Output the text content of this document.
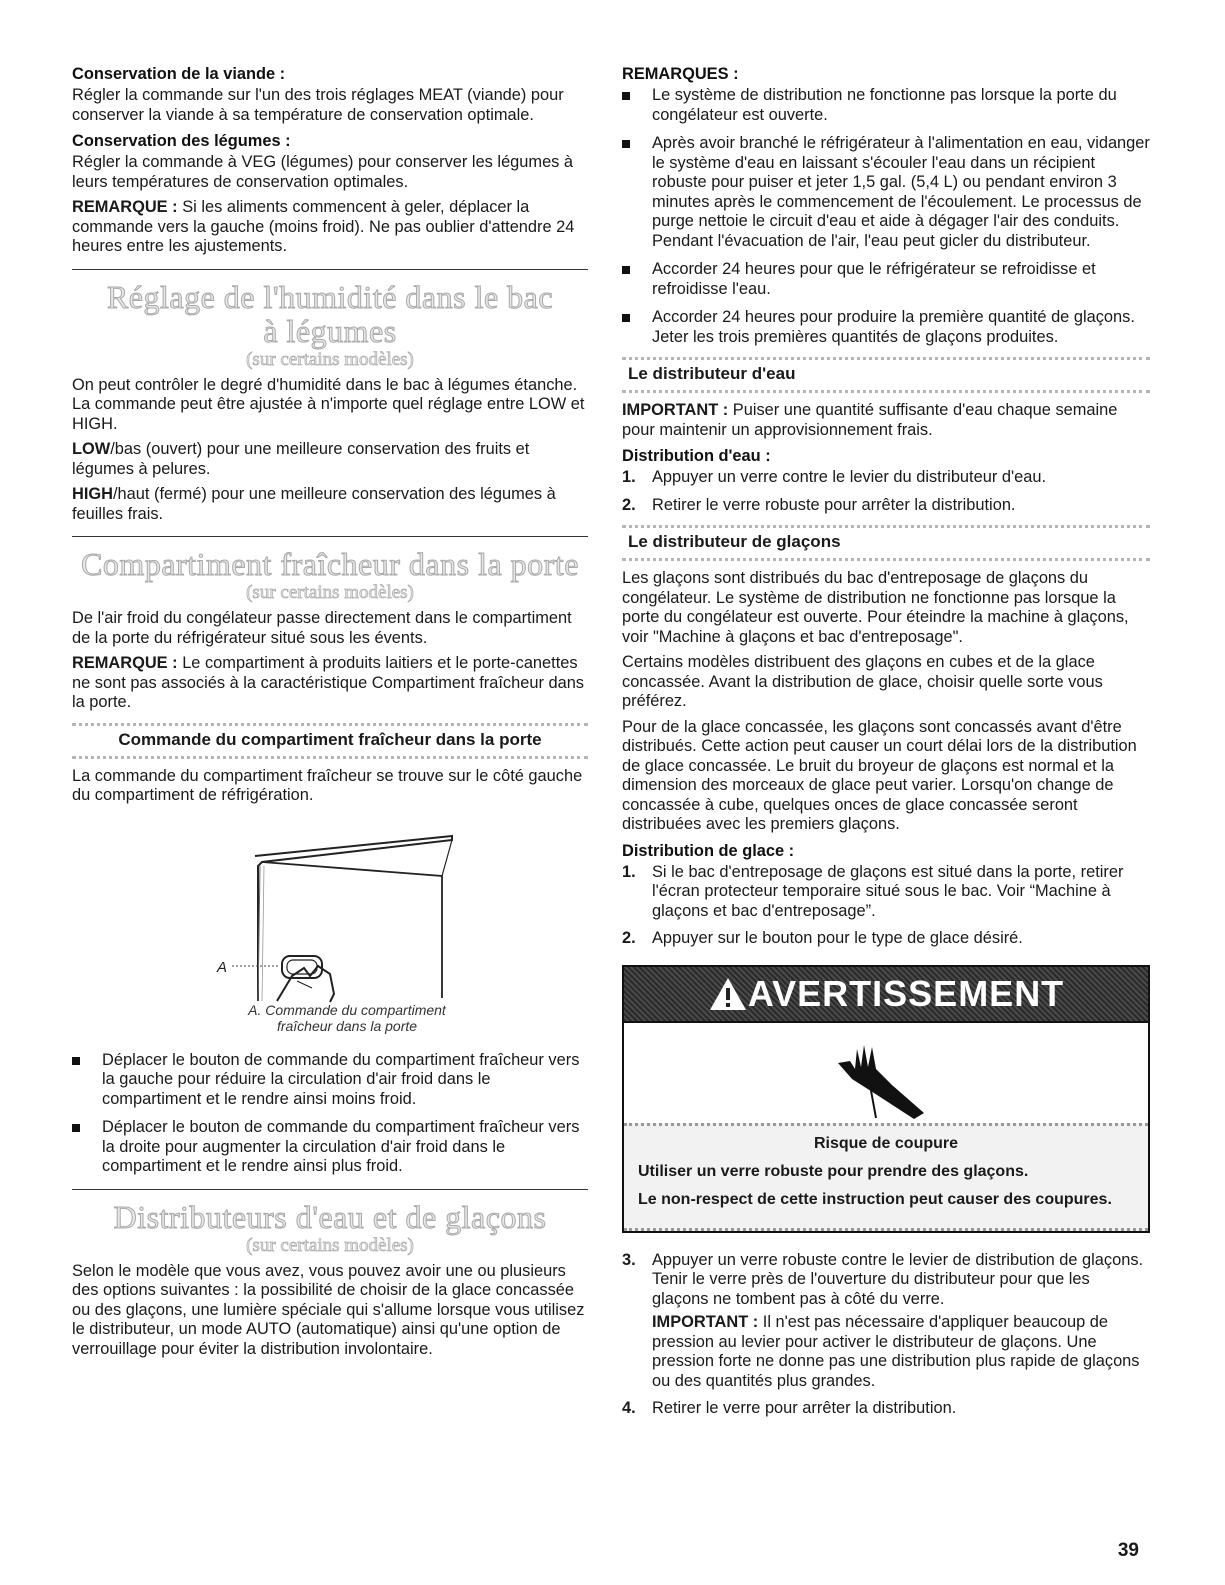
Conservation de la viande :

Régler la commande sur l'un des trois réglages MEAT (viande) pour conserver la viande à sa température de conservation optimale.

Conservation des légumes :

Régler la commande à VEG (légumes) pour conserver les légumes à leurs températures de conservation optimales.

REMARQUE : Si les aliments commencent à geler, déplacer la commande vers la gauche (moins froid). Ne pas oublier d'attendre 24 heures entre les ajustements.

Réglage de l'humidité dans le bac
à légumes
(sur certains modèles)

On peut contrôler le degré d'humidité dans le bac à légumes étanche. La commande peut être ajustée à n'importe quel réglage entre LOW et HIGH.

LOW/bas (ouvert) pour une meilleure conservation des fruits et légumes à pelures.

HIGH/haut (fermé) pour une meilleure conservation des légumes à feuilles frais.

Compartiment fraîcheur dans la porte
(sur certains modèles)

De l'air froid du congélateur passe directement dans le compartiment de la porte du réfrigérateur situé sous les évents.

REMARQUE : Le compartiment à produits laitiers et le porte-canettes ne sont pas associés à la caractéristique Compartiment fraîcheur dans la porte.

Commande du compartiment fraîcheur dans la porte

La commande du compartiment fraîcheur se trouve sur le côté gauche du compartiment de réfrigération.

A
A. Commande du compartiment
fraîcheur dans la porte
Déplacer le bouton de commande du compartiment fraîcheur vers la gauche pour réduire la circulation d'air froid dans le compartiment et le rendre ainsi moins froid.
Déplacer le bouton de commande du compartiment fraîcheur vers la droite pour augmenter la circulation d'air froid dans le compartiment et le rendre ainsi plus froid.
Distributeurs d'eau et de glaçons
(sur certains modèles)

Selon le modèle que vous avez, vous pouvez avoir une ou plusieurs des options suivantes : la possibilité de choisir de la glace concassée ou des glaçons, une lumière spéciale qui s'allume lorsque vous utilisez le distributeur, un mode AUTO (automatique) ainsi qu'une option de verrouillage pour éviter la distribution involontaire.

REMARQUES :
Le système de distribution ne fonctionne pas lorsque la porte du congélateur est ouverte.
Après avoir branché le réfrigérateur à l'alimentation en eau, vidanger le système d'eau en laissant s'écouler l'eau dans un récipient robuste pour puiser et jeter 1,5 gal. (5,4 L) ou pendant environ 3 minutes après le commencement de l'écoulement. Le processus de purge nettoie le circuit d'eau et aide à dégager l'air des conduits. Pendant l'évacuation de l'air, l'eau peut gicler du distributeur.
Accorder 24 heures pour que le réfrigérateur se refroidisse et refroidisse l'eau.
Accorder 24 heures pour produire la première quantité de glaçons. Jeter les trois premières quantités de glaçons produites.
Le distributeur d'eau

IMPORTANT : Puiser une quantité suffisante d'eau chaque semaine pour maintenir un approvisionnement frais.

Distribution d'eau :
1. Appuyer un verre contre le levier du distributeur d'eau.
2. Retirer le verre robuste pour arrêter la distribution.
Le distributeur de glaçons

Les glaçons sont distribués du bac d'entreposage de glaçons du congélateur. Le système de distribution ne fonctionne pas lorsque la porte du congélateur est ouverte. Pour éteindre la machine à glaçons, voir "Machine à glaçons et bac d'entreposage".

Certains modèles distribuent des glaçons en cubes et de la glace concassée. Avant la distribution de glace, choisir quelle sorte vous préférez.

Pour de la glace concassée, les glaçons sont concassés avant d'être distribués. Cette action peut causer un court délai lors de la distribution de glace concassée. Le bruit du broyeur de glaçons est normal et la dimension des morceaux de glace peut varier. Lorsqu'on change de concassée à cube, quelques onces de glace concassée seront distribuées avec les premiers glaçons.

Distribution de glace :
1. Si le bac d'entreposage de glaçons est situé dans la porte, retirer l'écran protecteur temporaire situé sous le bac. Voir “Machine à glaçons et bac d'entreposage”.
2. Appuyer sur le bouton pour le type de glace désiré.
AVERTISSEMENT

Risque de coupure

Utiliser un verre robuste pour prendre des glaçons.

Le non-respect de cette instruction peut causer des coupures.

3. Appuyer un verre robuste contre le levier de distribution de glaçons. Tenir le verre près de l'ouverture du distributeur pour que les glaçons ne tombent pas à côté du verre.
IMPORTANT : Il n'est pas nécessaire d'appliquer beaucoup de pression au levier pour activer le distributeur de glaçons. Une pression forte ne donne pas une distribution plus rapide de glaçons ou des quantités plus grandes.
4. Retirer le verre pour arrêter la distribution.
39
